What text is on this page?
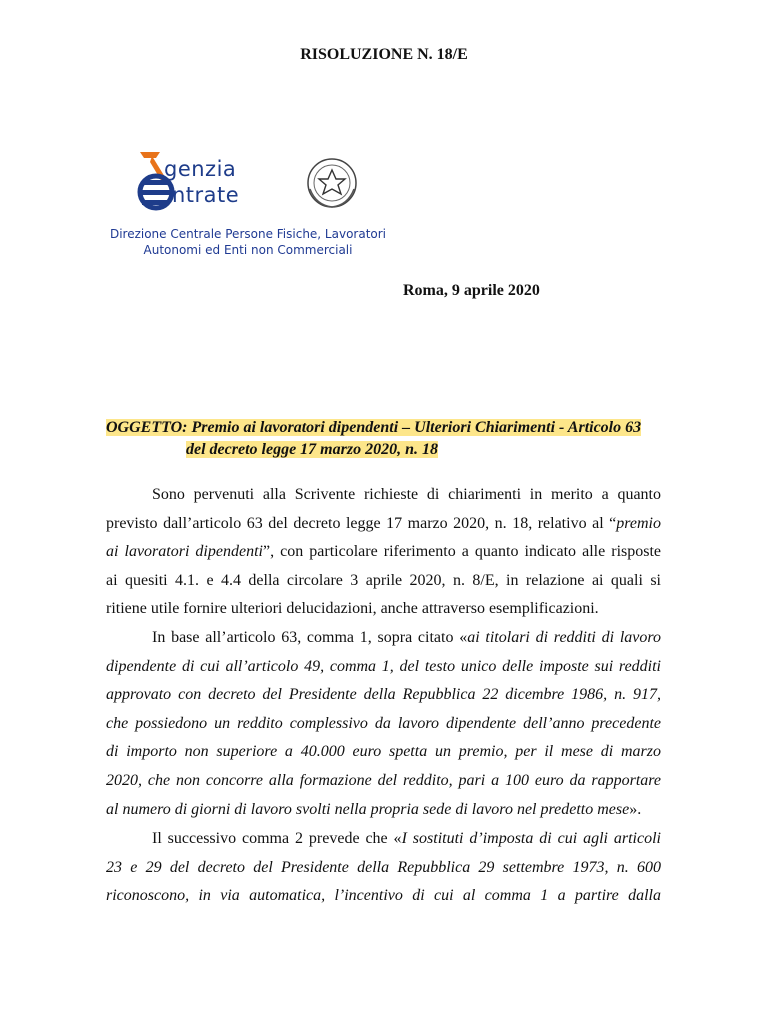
RISOLUZIONE N. 18/E
genzia
ntrate
Direzione Centrale Persone Fisiche, Lavoratori
Autonomi ed Enti non Commerciali
Roma, 9 aprile 2020
OGGETTO: Premio ai lavoratori dipendenti – Ulteriori Chiarimenti - Articolo 63
del decreto legge 17 marzo 2020, n. 18
Sono pervenuti alla Scrivente richieste di chiarimenti in merito a quanto
previsto dall’articolo 63 del decreto legge 17 marzo 2020, n. 18, relativo al “premio
ai lavoratori dipendenti”, con particolare riferimento a quanto indicato alle risposte
ai quesiti 4.1. e 4.4 della circolare 3 aprile 2020, n. 8/E, in relazione ai quali si
ritiene utile fornire ulteriori delucidazioni, anche attraverso esemplificazioni.
In base all’articolo 63, comma 1, sopra citato «ai titolari di redditi di lavoro
dipendente di cui all’articolo 49, comma 1, del testo unico delle imposte sui redditi
approvato con decreto del Presidente della Repubblica 22 dicembre 1986, n. 917,
che possiedono un reddito complessivo da lavoro dipendente dell’anno precedente
di importo non superiore a 40.000 euro spetta un premio, per il mese di marzo
2020, che non concorre alla formazione del reddito, pari a 100 euro da rapportare
al numero di giorni di lavoro svolti nella propria sede di lavoro nel predetto mese».
Il successivo comma 2 prevede che «I sostituti d’imposta di cui agli articoli
23 e 29 del decreto del Presidente della Repubblica 29 settembre 1973, n. 600
riconoscono, in via automatica, l’incentivo di cui al comma 1 a partire dalla
